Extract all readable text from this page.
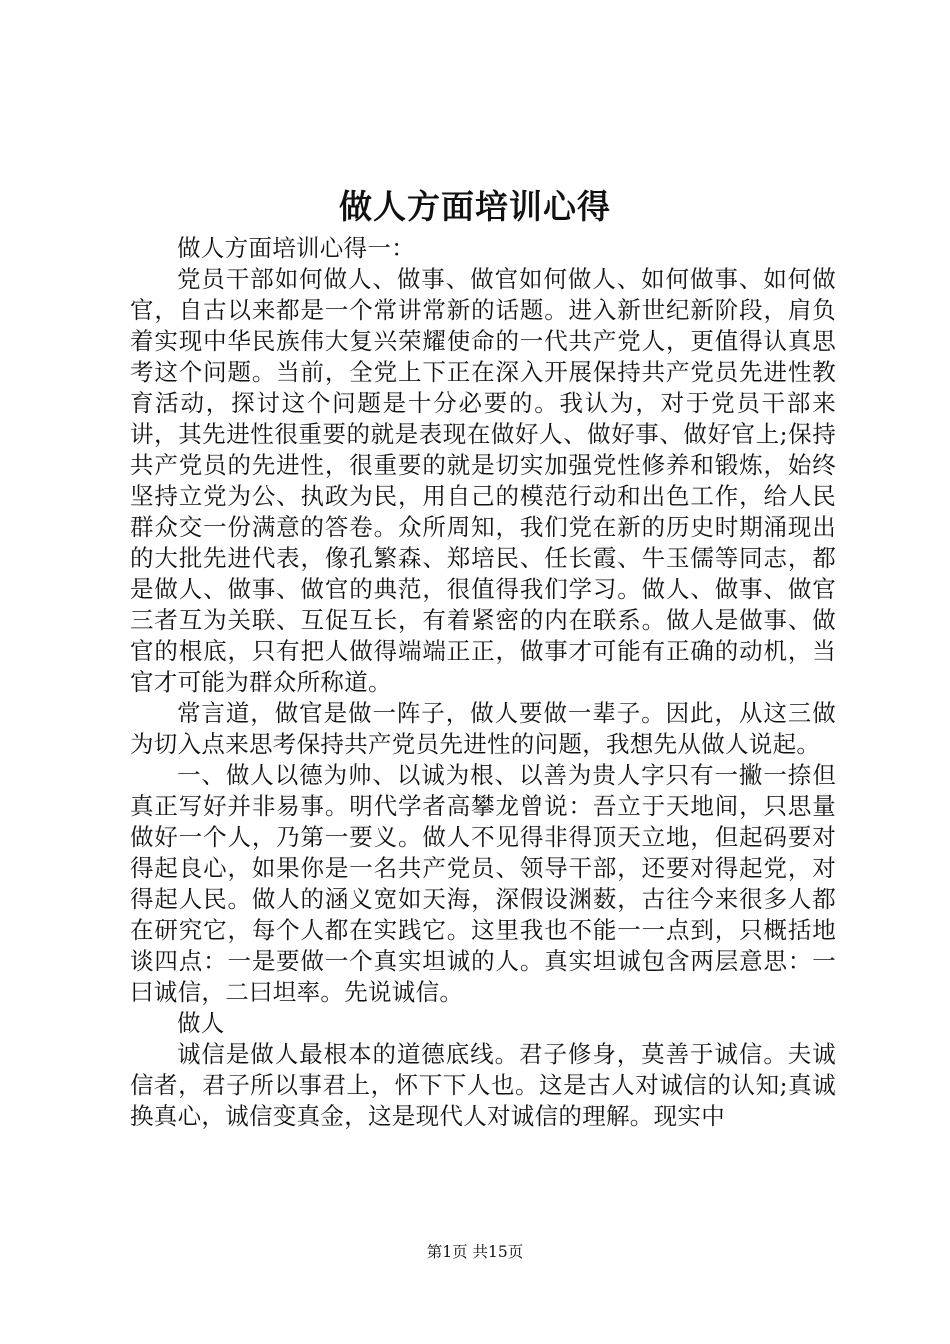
做人方面培训心得

做人方面培训心得一：

党员干部如何做人、做事、做官如何做人、如何做事、如何做官，自古以来都是一个常讲常新的话题。进入新世纪新阶段，肩负着实现中华民族伟大复兴荣耀使命的一代共产党人，更值得认真思考这个问题。当前，全党上下正在深入开展保持共产党员先进性教育活动，探讨这个问题是十分必要的。我认为，对于党员干部来讲，其先进性很重要的就是表现在做好人、做好事、做好官上;保持共产党员的先进性，很重要的就是切实加强党性修养和锻炼，始终坚持立党为公、执政为民，用自己的模范行动和出色工作，给人民群众交一份满意的答卷。众所周知，我们党在新的历史时期涌现出的大批先进代表，像孔繁森、郑培民、任长霞、牛玉儒等同志，都是做人、做事、做官的典范，很值得我们学习。做人、做事、做官三者互为关联、互促互长，有着紧密的内在联系。做人是做事、做官的根底，只有把人做得端端正正，做事才可能有正确的动机，当官才可能为群众所称道。

常言道，做官是做一阵子，做人要做一辈子。因此，从这三做为切入点来思考保持共产党员先进性的问题，我想先从做人说起。

一、做人以德为帅、以诚为根、以善为贵人字只有一撇一捺但真正写好并非易事。明代学者高攀龙曾说：吾立于天地间，只思量做好一个人，乃第一要义。做人不见得非得顶天立地，但起码要对得起良心，如果你是一名共产党员、领导干部，还要对得起党，对得起人民。做人的涵义宽如天海，深假设渊薮，古往今来很多人都在研究它，每个人都在实践它。这里我也不能一一点到，只概括地谈四点：一是要做一个真实坦诚的人。真实坦诚包含两层意思：一曰诚信，二曰坦率。先说诚信。

做人

诚信是做人最根本的道德底线。君子修身，莫善于诚信。夫诚信者，君子所以事君上，怀下下人也。这是古人对诚信的认知;真诚换真心，诚信变真金，这是现代人对诚信的理解。现实中

第1页 共15页
